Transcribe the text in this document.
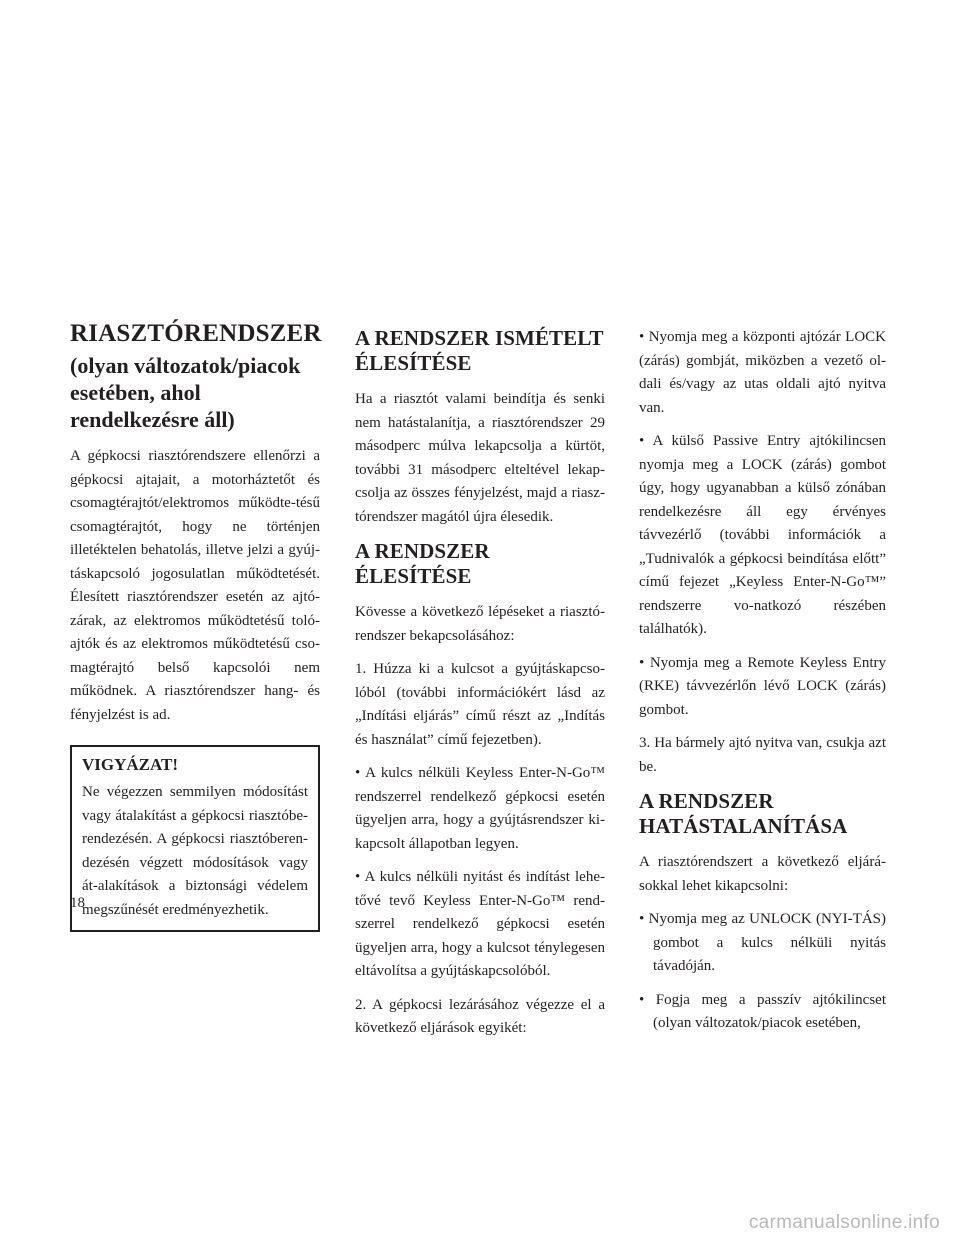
RIASZTÓRENDSZER
(olyan változatok/piacok esetében, ahol rendelkezésre áll)

A gépkocsi riasztórendszere ellenőrzi a gépkocsi ajtajait, a motorháztetőt és csomagtérajtót/elektromos működte-tésű csomagtérajtót, hogy ne történjen illetéktelen behatolás, illetve jelzi a gyúj-táskapcsoló jogosulatlan működtetését. Élesített riasztórendszer esetén az ajtó-zárak, az elektromos működtetésű toló-ajtók és az elektromos működtetésű cso-magtérajtó belső kapcsolói nem működnek. A riasztórendszer hang- és fényjelzést is ad.

VIGYÁZAT!

Ne végezzen semmilyen módosítást vagy átalakítást a gépkocsi riasztóbe-rendezésén. A gépkocsi riasztóberen-dezésén végzett módosítások vagy át-alakítások a biztonsági védelem megszűnését eredményezhetik.

A RENDSZER ISMÉTELT ÉLESÍTÉSE

Ha a riasztót valami beindítja és senki nem hatástalanítja, a riasztórendszer 29 másodperc múlva lekapcsolja a kürtöt, további 31 másodperc elteltével lekap-csolja az összes fényjelzést, majd a riasz-tórendszer magától újra élesedik.

A RENDSZER ÉLESÍTÉSE

Kövesse a következő lépéseket a riasztó-rendszer bekapcsolásához:

1. Húzza ki a kulcsot a gyújtáskapcso-lóból (további információkért lásd az „Indítási eljárás” című részt az „Indítás és használat” című fejezetben).

• A kulcs nélküli Keyless Enter-N-Go™ rendszerrel rendelkező gépkocsi esetén ügyeljen arra, hogy a gyújtásrendszer ki-kapcsolt állapotban legyen.

• A kulcs nélküli nyitást és indítást lehe-tővé tevő Keyless Enter-N-Go™ rend-szerrel rendelkező gépkocsi esetén ügyeljen arra, hogy a kulcsot ténylegesen eltávolítsa a gyújtáskapcsolóból.

2. A gépkocsi lezárásához végezze el a következő eljárások egyikét:

• Nyomja meg a központi ajtózár LOCK (zárás) gombját, miközben a vezető ol-dali és/vagy az utas oldali ajtó nyitva van.

• A külső Passive Entry ajtókilincsen nyomja meg a LOCK (zárás) gombot úgy, hogy ugyanabban a külső zónában rendelkezésre áll egy érvényes távvezérlő (további információk a „Tudnivalók a gépkocsi beindítása előtt” című fejezet „Keyless Enter-N-Go™” rendszerre vo-natkozó részében találhatók).

• Nyomja meg a Remote Keyless Entry (RKE) távvezérlőn lévő LOCK (zárás) gombot.

3. Ha bármely ajtó nyitva van, csukja azt be.

A RENDSZER HATÁSTALANÍTÁSA

A riasztórendszert a következő eljárá-sokkal lehet kikapcsolni:

• Nyomja meg az UNLOCK (NYI-TÁS) gombot a kulcs nélküli nyitás távadóján.
• Fogja meg a passzív ajtókilincset (olyan változatok/piacok esetében,
18
carmanualsonline.info
